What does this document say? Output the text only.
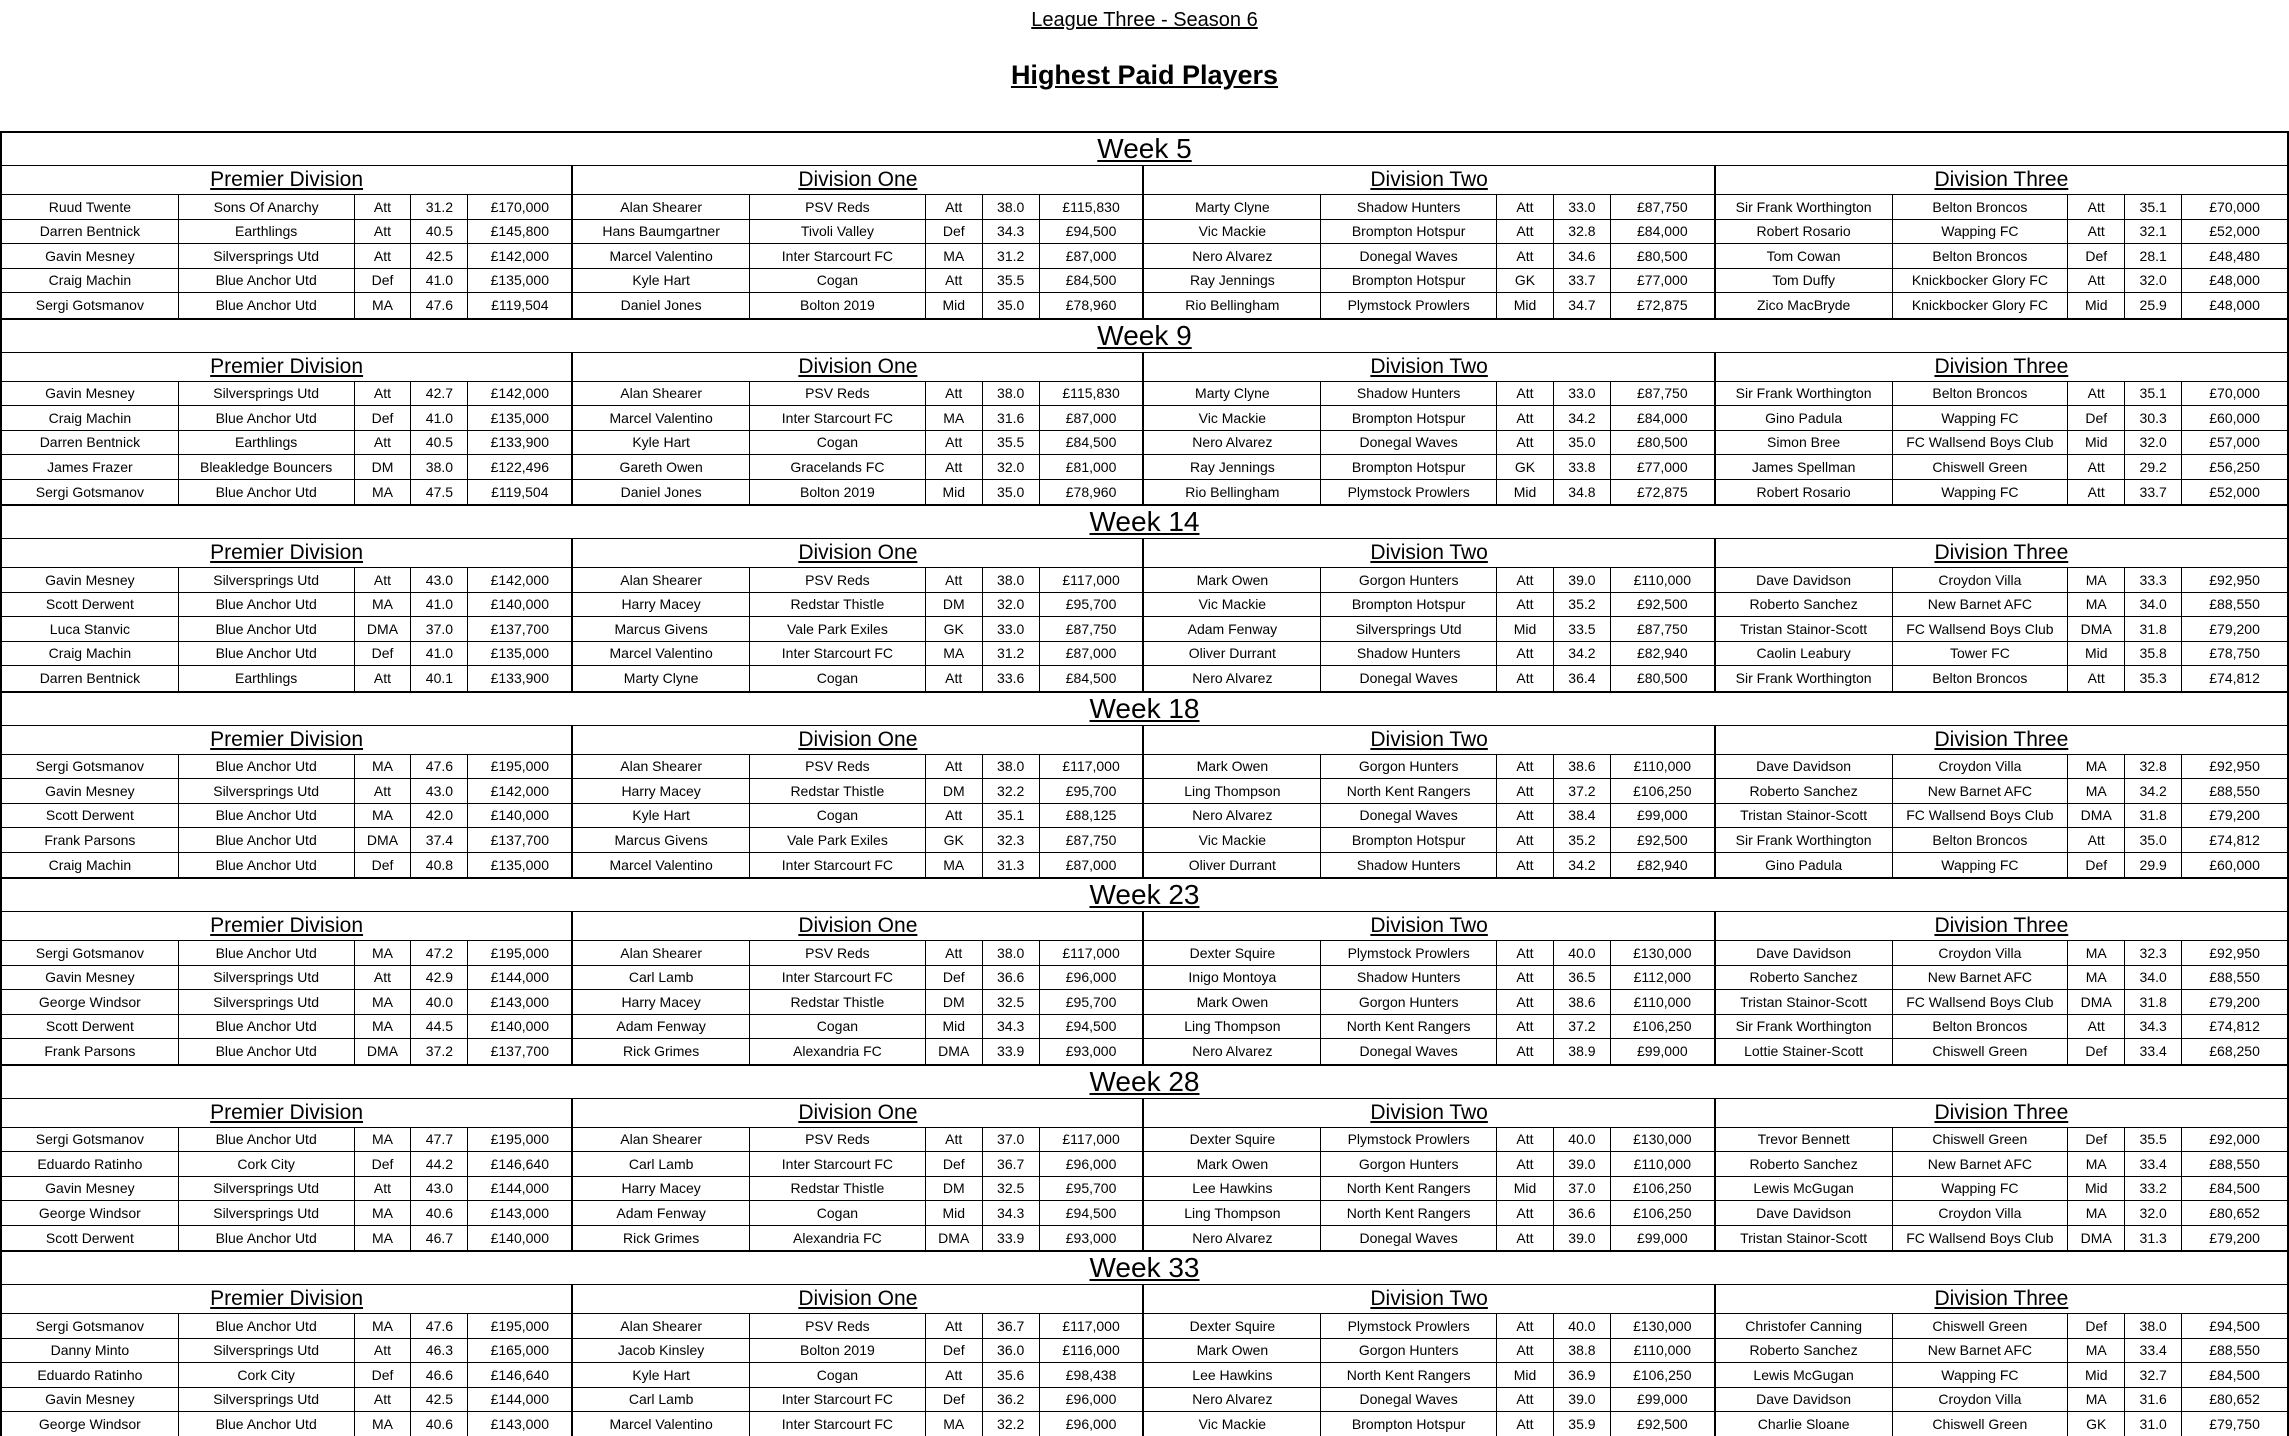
League Three - Season 6
Highest Paid Players
Week 5
Premier Division	Division One	Division Two	Division Three
Ruud Twente	Sons Of Anarchy	Att	31.2	£170,000	Alan Shearer	PSV Reds	Att	38.0	£115,830	Marty Clyne	Shadow Hunters	Att	33.0	£87,750	Sir Frank Worthington	Belton Broncos	Att	35.1	£70,000
Darren Bentnick	Earthlings	Att	40.5	£145,800	Hans Baumgartner	Tivoli Valley	Def	34.3	£94,500	Vic Mackie	Brompton Hotspur	Att	32.8	£84,000	Robert Rosario	Wapping FC	Att	32.1	£52,000
Gavin Mesney	Silversprings Utd	Att	42.5	£142,000	Marcel Valentino	Inter Starcourt FC	MA	31.2	£87,000	Nero Alvarez	Donegal Waves	Att	34.6	£80,500	Tom Cowan	Belton Broncos	Def	28.1	£48,480
Craig Machin	Blue Anchor Utd	Def	41.0	£135,000	Kyle Hart	Cogan	Att	35.5	£84,500	Ray Jennings	Brompton Hotspur	GK	33.7	£77,000	Tom Duffy	Knickbocker Glory FC	Att	32.0	£48,000
Sergi Gotsmanov	Blue Anchor Utd	MA	47.6	£119,504	Daniel Jones	Bolton 2019	Mid	35.0	£78,960	Rio Bellingham	Plymstock Prowlers	Mid	34.7	£72,875	Zico MacBryde	Knickbocker Glory FC	Mid	25.9	£48,000
Week 9
Premier Division	Division One	Division Two	Division Three
Gavin Mesney	Silversprings Utd	Att	42.7	£142,000	Alan Shearer	PSV Reds	Att	38.0	£115,830	Marty Clyne	Shadow Hunters	Att	33.0	£87,750	Sir Frank Worthington	Belton Broncos	Att	35.1	£70,000
Craig Machin	Blue Anchor Utd	Def	41.0	£135,000	Marcel Valentino	Inter Starcourt FC	MA	31.6	£87,000	Vic Mackie	Brompton Hotspur	Att	34.2	£84,000	Gino Padula	Wapping FC	Def	30.3	£60,000
Darren Bentnick	Earthlings	Att	40.5	£133,900	Kyle Hart	Cogan	Att	35.5	£84,500	Nero Alvarez	Donegal Waves	Att	35.0	£80,500	Simon Bree	FC Wallsend Boys Club	Mid	32.0	£57,000
James Frazer	Bleakledge Bouncers	DM	38.0	£122,496	Gareth Owen	Gracelands FC	Att	32.0	£81,000	Ray Jennings	Brompton Hotspur	GK	33.8	£77,000	James Spellman	Chiswell Green	Att	29.2	£56,250
Sergi Gotsmanov	Blue Anchor Utd	MA	47.5	£119,504	Daniel Jones	Bolton 2019	Mid	35.0	£78,960	Rio Bellingham	Plymstock Prowlers	Mid	34.8	£72,875	Robert Rosario	Wapping FC	Att	33.7	£52,000
Week 14
Premier Division	Division One	Division Two	Division Three
Gavin Mesney	Silversprings Utd	Att	43.0	£142,000	Alan Shearer	PSV Reds	Att	38.0	£117,000	Mark Owen	Gorgon Hunters	Att	39.0	£110,000	Dave Davidson	Croydon Villa	MA	33.3	£92,950
Scott Derwent	Blue Anchor Utd	MA	41.0	£140,000	Harry Macey	Redstar Thistle	DM	32.0	£95,700	Vic Mackie	Brompton Hotspur	Att	35.2	£92,500	Roberto Sanchez	New Barnet AFC	MA	34.0	£88,550
Luca Stanvic	Blue Anchor Utd	DMA	37.0	£137,700	Marcus Givens	Vale Park Exiles	GK	33.0	£87,750	Adam Fenway	Silversprings Utd	Mid	33.5	£87,750	Tristan Stainor-Scott	FC Wallsend Boys Club	DMA	31.8	£79,200
Craig Machin	Blue Anchor Utd	Def	41.0	£135,000	Marcel Valentino	Inter Starcourt FC	MA	31.2	£87,000	Oliver Durrant	Shadow Hunters	Att	34.2	£82,940	Caolin Leabury	Tower FC	Mid	35.8	£78,750
Darren Bentnick	Earthlings	Att	40.1	£133,900	Marty Clyne	Cogan	Att	33.6	£84,500	Nero Alvarez	Donegal Waves	Att	36.4	£80,500	Sir Frank Worthington	Belton Broncos	Att	35.3	£74,812
Week 18
Premier Division	Division One	Division Two	Division Three
Sergi Gotsmanov	Blue Anchor Utd	MA	47.6	£195,000	Alan Shearer	PSV Reds	Att	38.0	£117,000	Mark Owen	Gorgon Hunters	Att	38.6	£110,000	Dave Davidson	Croydon Villa	MA	32.8	£92,950
Gavin Mesney	Silversprings Utd	Att	43.0	£142,000	Harry Macey	Redstar Thistle	DM	32.2	£95,700	Ling Thompson	North Kent Rangers	Att	37.2	£106,250	Roberto Sanchez	New Barnet AFC	MA	34.2	£88,550
Scott Derwent	Blue Anchor Utd	MA	42.0	£140,000	Kyle Hart	Cogan	Att	35.1	£88,125	Nero Alvarez	Donegal Waves	Att	38.4	£99,000	Tristan Stainor-Scott	FC Wallsend Boys Club	DMA	31.8	£79,200
Frank Parsons	Blue Anchor Utd	DMA	37.4	£137,700	Marcus Givens	Vale Park Exiles	GK	32.3	£87,750	Vic Mackie	Brompton Hotspur	Att	35.2	£92,500	Sir Frank Worthington	Belton Broncos	Att	35.0	£74,812
Craig Machin	Blue Anchor Utd	Def	40.8	£135,000	Marcel Valentino	Inter Starcourt FC	MA	31.3	£87,000	Oliver Durrant	Shadow Hunters	Att	34.2	£82,940	Gino Padula	Wapping FC	Def	29.9	£60,000
Week 23
Premier Division	Division One	Division Two	Division Three
Sergi Gotsmanov	Blue Anchor Utd	MA	47.2	£195,000	Alan Shearer	PSV Reds	Att	38.0	£117,000	Dexter Squire	Plymstock Prowlers	Att	40.0	£130,000	Dave Davidson	Croydon Villa	MA	32.3	£92,950
Gavin Mesney	Silversprings Utd	Att	42.9	£144,000	Carl Lamb	Inter Starcourt FC	Def	36.6	£96,000	Inigo Montoya	Shadow Hunters	Att	36.5	£112,000	Roberto Sanchez	New Barnet AFC	MA	34.0	£88,550
George Windsor	Silversprings Utd	MA	40.0	£143,000	Harry Macey	Redstar Thistle	DM	32.5	£95,700	Mark Owen	Gorgon Hunters	Att	38.6	£110,000	Tristan Stainor-Scott	FC Wallsend Boys Club	DMA	31.8	£79,200
Scott Derwent	Blue Anchor Utd	MA	44.5	£140,000	Adam Fenway	Cogan	Mid	34.3	£94,500	Ling Thompson	North Kent Rangers	Att	37.2	£106,250	Sir Frank Worthington	Belton Broncos	Att	34.3	£74,812
Frank Parsons	Blue Anchor Utd	DMA	37.2	£137,700	Rick Grimes	Alexandria FC	DMA	33.9	£93,000	Nero Alvarez	Donegal Waves	Att	38.9	£99,000	Lottie Stainer-Scott	Chiswell Green	Def	33.4	£68,250
Week 28
Premier Division	Division One	Division Two	Division Three
Sergi Gotsmanov	Blue Anchor Utd	MA	47.7	£195,000	Alan Shearer	PSV Reds	Att	37.0	£117,000	Dexter Squire	Plymstock Prowlers	Att	40.0	£130,000	Trevor Bennett	Chiswell Green	Def	35.5	£92,000
Eduardo Ratinho	Cork City	Def	44.2	£146,640	Carl Lamb	Inter Starcourt FC	Def	36.7	£96,000	Mark Owen	Gorgon Hunters	Att	39.0	£110,000	Roberto Sanchez	New Barnet AFC	MA	33.4	£88,550
Gavin Mesney	Silversprings Utd	Att	43.0	£144,000	Harry Macey	Redstar Thistle	DM	32.5	£95,700	Lee Hawkins	North Kent Rangers	Mid	37.0	£106,250	Lewis McGugan	Wapping FC	Mid	33.2	£84,500
George Windsor	Silversprings Utd	MA	40.6	£143,000	Adam Fenway	Cogan	Mid	34.3	£94,500	Ling Thompson	North Kent Rangers	Att	36.6	£106,250	Dave Davidson	Croydon Villa	MA	32.0	£80,652
Scott Derwent	Blue Anchor Utd	MA	46.7	£140,000	Rick Grimes	Alexandria FC	DMA	33.9	£93,000	Nero Alvarez	Donegal Waves	Att	39.0	£99,000	Tristan Stainor-Scott	FC Wallsend Boys Club	DMA	31.3	£79,200
Week 33
Premier Division	Division One	Division Two	Division Three
Sergi Gotsmanov	Blue Anchor Utd	MA	47.6	£195,000	Alan Shearer	PSV Reds	Att	36.7	£117,000	Dexter Squire	Plymstock Prowlers	Att	40.0	£130,000	Christofer Canning	Chiswell Green	Def	38.0	£94,500
Danny Minto	Silversprings Utd	Att	46.3	£165,000	Jacob Kinsley	Bolton 2019	Def	36.0	£116,000	Mark Owen	Gorgon Hunters	Att	38.8	£110,000	Roberto Sanchez	New Barnet AFC	MA	33.4	£88,550
Eduardo Ratinho	Cork City	Def	46.6	£146,640	Kyle Hart	Cogan	Att	35.6	£98,438	Lee Hawkins	North Kent Rangers	Mid	36.9	£106,250	Lewis McGugan	Wapping FC	Mid	32.7	£84,500
Gavin Mesney	Silversprings Utd	Att	42.5	£144,000	Carl Lamb	Inter Starcourt FC	Def	36.2	£96,000	Nero Alvarez	Donegal Waves	Att	39.0	£99,000	Dave Davidson	Croydon Villa	MA	31.6	£80,652
George Windsor	Blue Anchor Utd	MA	40.6	£143,000	Marcel Valentino	Inter Starcourt FC	MA	32.2	£96,000	Vic Mackie	Brompton Hotspur	Att	35.9	£92,500	Charlie Sloane	Chiswell Green	GK	31.0	£79,750
